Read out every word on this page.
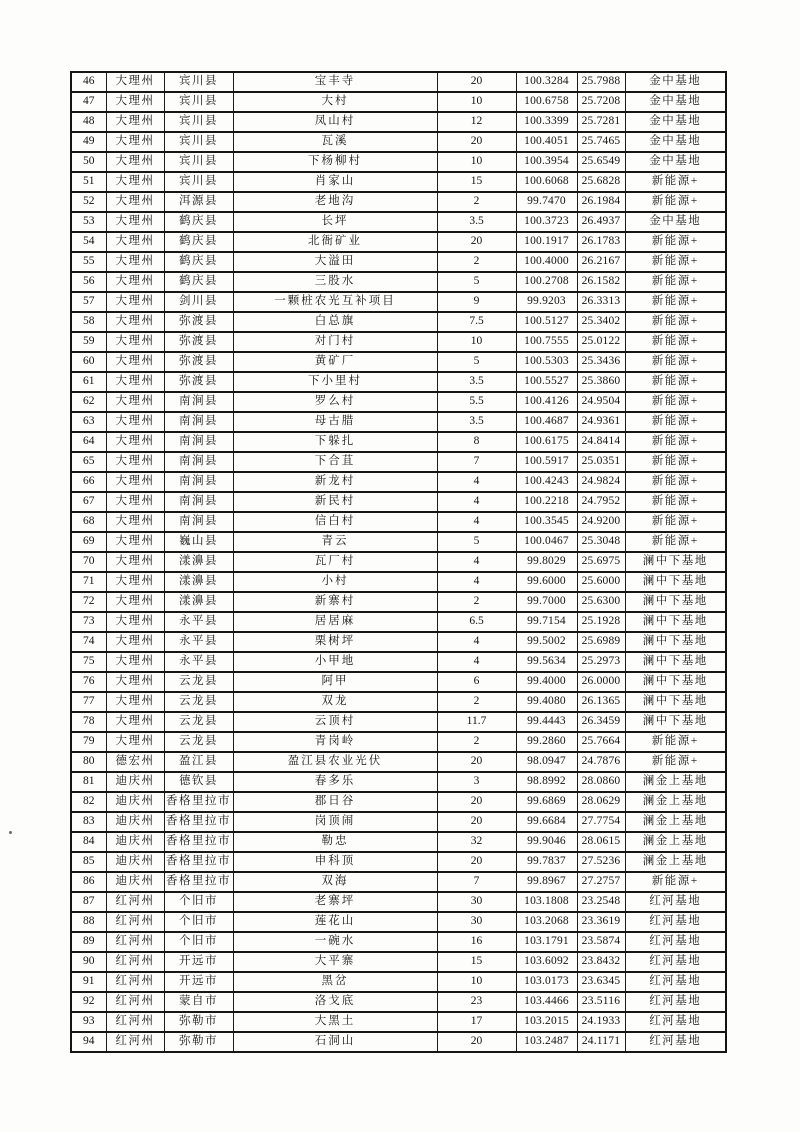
46	大理州	宾川县	宝丰寺	20	100.3284	25.7988	金中基地
47	大理州	宾川县	大村	10	100.6758	25.7208	金中基地
48	大理州	宾川县	凤山村	12	100.3399	25.7281	金中基地
49	大理州	宾川县	瓦溪	20	100.4051	25.7465	金中基地
50	大理州	宾川县	下杨柳村	10	100.3954	25.6549	金中基地
51	大理州	宾川县	肖家山	15	100.6068	25.6828	新能源+
52	大理州	洱源县	老地沟	2	99.7470	26.1984	新能源+
53	大理州	鹤庆县	长坪	3.5	100.3723	26.4937	金中基地
54	大理州	鹤庆县	北衙矿业	20	100.1917	26.1783	新能源+
55	大理州	鹤庆县	大溢田	2	100.4000	26.2167	新能源+
56	大理州	鹤庆县	三股水	5	100.2708	26.1582	新能源+
57	大理州	剑川县	一颗桩农光互补项目	9	99.9203	26.3313	新能源+
58	大理州	弥渡县	白总旗	7.5	100.5127	25.3402	新能源+
59	大理州	弥渡县	对门村	10	100.7555	25.0122	新能源+
60	大理州	弥渡县	黄矿厂	5	100.5303	25.3436	新能源+
61	大理州	弥渡县	下小里村	3.5	100.5527	25.3860	新能源+
62	大理州	南涧县	罗么村	5.5	100.4126	24.9504	新能源+
63	大理州	南涧县	母古腊	3.5	100.4687	24.9361	新能源+
64	大理州	南涧县	下躲扎	8	100.6175	24.8414	新能源+
65	大理州	南涧县	下合苴	7	100.5917	25.0351	新能源+
66	大理州	南涧县	新龙村	4	100.4243	24.9824	新能源+
67	大理州	南涧县	新民村	4	100.2218	24.7952	新能源+
68	大理州	南涧县	信白村	4	100.3545	24.9200	新能源+
69	大理州	巍山县	青云	5	100.0467	25.3048	新能源+
70	大理州	漾濞县	瓦厂村	4	99.8029	25.6975	澜中下基地
71	大理州	漾濞县	小村	4	99.6000	25.6000	澜中下基地
72	大理州	漾濞县	新寨村	2	99.7000	25.6300	澜中下基地
73	大理州	永平县	居居麻	6.5	99.7154	25.1928	澜中下基地
74	大理州	永平县	栗树坪	4	99.5002	25.6989	澜中下基地
75	大理州	永平县	小甲地	4	99.5634	25.2973	澜中下基地
76	大理州	云龙县	阿甲	6	99.4000	26.0000	澜中下基地
77	大理州	云龙县	双龙	2	99.4080	26.1365	澜中下基地
78	大理州	云龙县	云顶村	11.7	99.4443	26.3459	澜中下基地
79	大理州	云龙县	青岗岭	2	99.2860	25.7664	新能源+
80	德宏州	盈江县	盈江县农业光伏	20	98.0947	24.7876	新能源+
81	迪庆州	德钦县	春多乐	3	98.8992	28.0860	澜金上基地
82	迪庆州	香格里拉市	郡日谷	20	99.6869	28.0629	澜金上基地
83	迪庆州	香格里拉市	岗顶闹	20	99.6684	27.7754	澜金上基地
84	迪庆州	香格里拉市	勒忠	32	99.9046	28.0615	澜金上基地
85	迪庆州	香格里拉市	申科顶	20	99.7837	27.5236	澜金上基地
86	迪庆州	香格里拉市	双海	7	99.8967	27.2757	新能源+
87	红河州	个旧市	老寨坪	30	103.1808	23.2548	红河基地
88	红河州	个旧市	莲花山	30	103.2068	23.3619	红河基地
89	红河州	个旧市	一碗水	16	103.1791	23.5874	红河基地
90	红河州	开远市	大平寨	15	103.6092	23.8432	红河基地
91	红河州	开远市	黑岔	10	103.0173	23.6345	红河基地
92	红河州	蒙自市	洛戈底	23	103.4466	23.5116	红河基地
93	红河州	弥勒市	大黑土	17	103.2015	24.1933	红河基地
94	红河州	弥勒市	石洞山	20	103.2487	24.1171	红河基地
